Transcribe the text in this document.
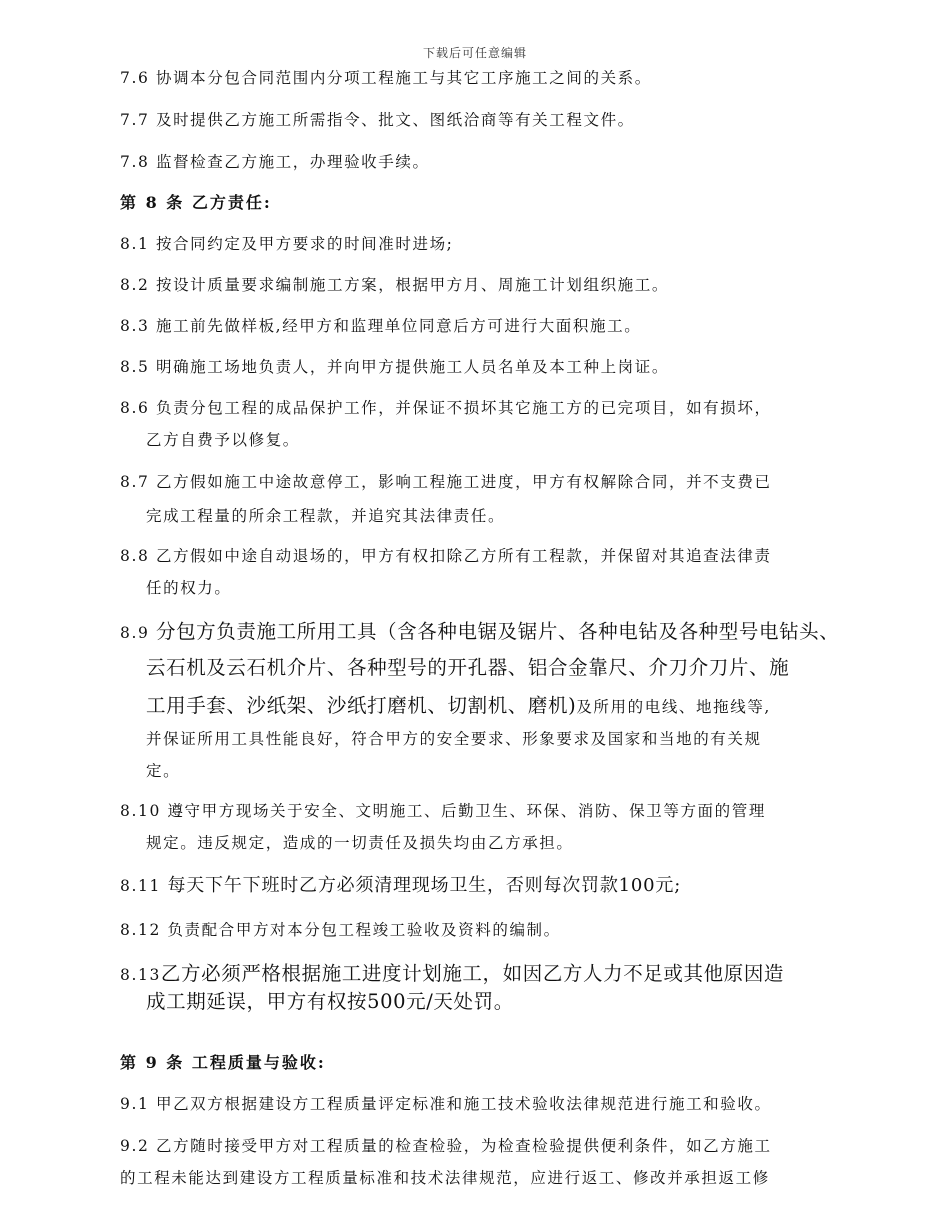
下载后可任意编辑
7.6 协调本分包合同范围内分项工程施工与其它工序施工之间的关系。
7.7 及时提供乙方施工所需指令、批文、图纸洽商等有关工程文件。
7.8 监督检查乙方施工，办理验收手续。
第 8 条 乙方责任:
8.1 按合同约定及甲方要求的时间准时进场;
8.2 按设计质量要求编制施工方案，根据甲方月、周施工计划组织施工。
8.3 施工前先做样板,经甲方和监理单位同意后方可进行大面积施工。
8.5 明确施工场地负责人，并向甲方提供施工人员名单及本工种上岗证。
8.6 负责分包工程的成品保护工作，并保证不损坏其它施工方的已完项目，如有损坏，
乙方自费予以修复。
8.7 乙方假如施工中途故意停工，影响工程施工进度，甲方有权解除合同，并不支费已
完成工程量的所余工程款，并追究其法律责任。
8.8 乙方假如中途自动退场的，甲方有权扣除乙方所有工程款，并保留对其追查法律责
任的权力。
8.9 分包方负责施工所用工具（含各种电锯及锯片、各种电钻及各种型号电钻头、
云石机及云石机介片、各种型号的开孔器、铝合金靠尺、介刀介刀片、施
工用手套、沙纸架、沙纸打磨机、切割机、磨机)及所用的电线、地拖线等,
并保证所用工具性能良好，符合甲方的安全要求、形象要求及国家和当地的有关规
定。
8.10 遵守甲方现场关于安全、文明施工、后勤卫生、环保、消防、保卫等方面的管理
规定。违反规定，造成的一切责任及损失均由乙方承担。
8.11 每天下午下班时乙方必须清理现场卫生，否则每次罚款100元;
8.12 负责配合甲方对本分包工程竣工验收及资料的编制。
8.13乙方必须严格根据施工进度计划施工，如因乙方人力不足或其他原因造
成工期延误，甲方有权按500元/天处罚。
第 9 条 工程质量与验收:
9.1 甲乙双方根据建设方工程质量评定标准和施工技术验收法律规范进行施工和验收。
9.2 乙方随时接受甲方对工程质量的检查检验，为检查检验提供便利条件，如乙方施工
的工程未能达到建设方工程质量标准和技术法律规范，应进行返工、修改并承担返工修
